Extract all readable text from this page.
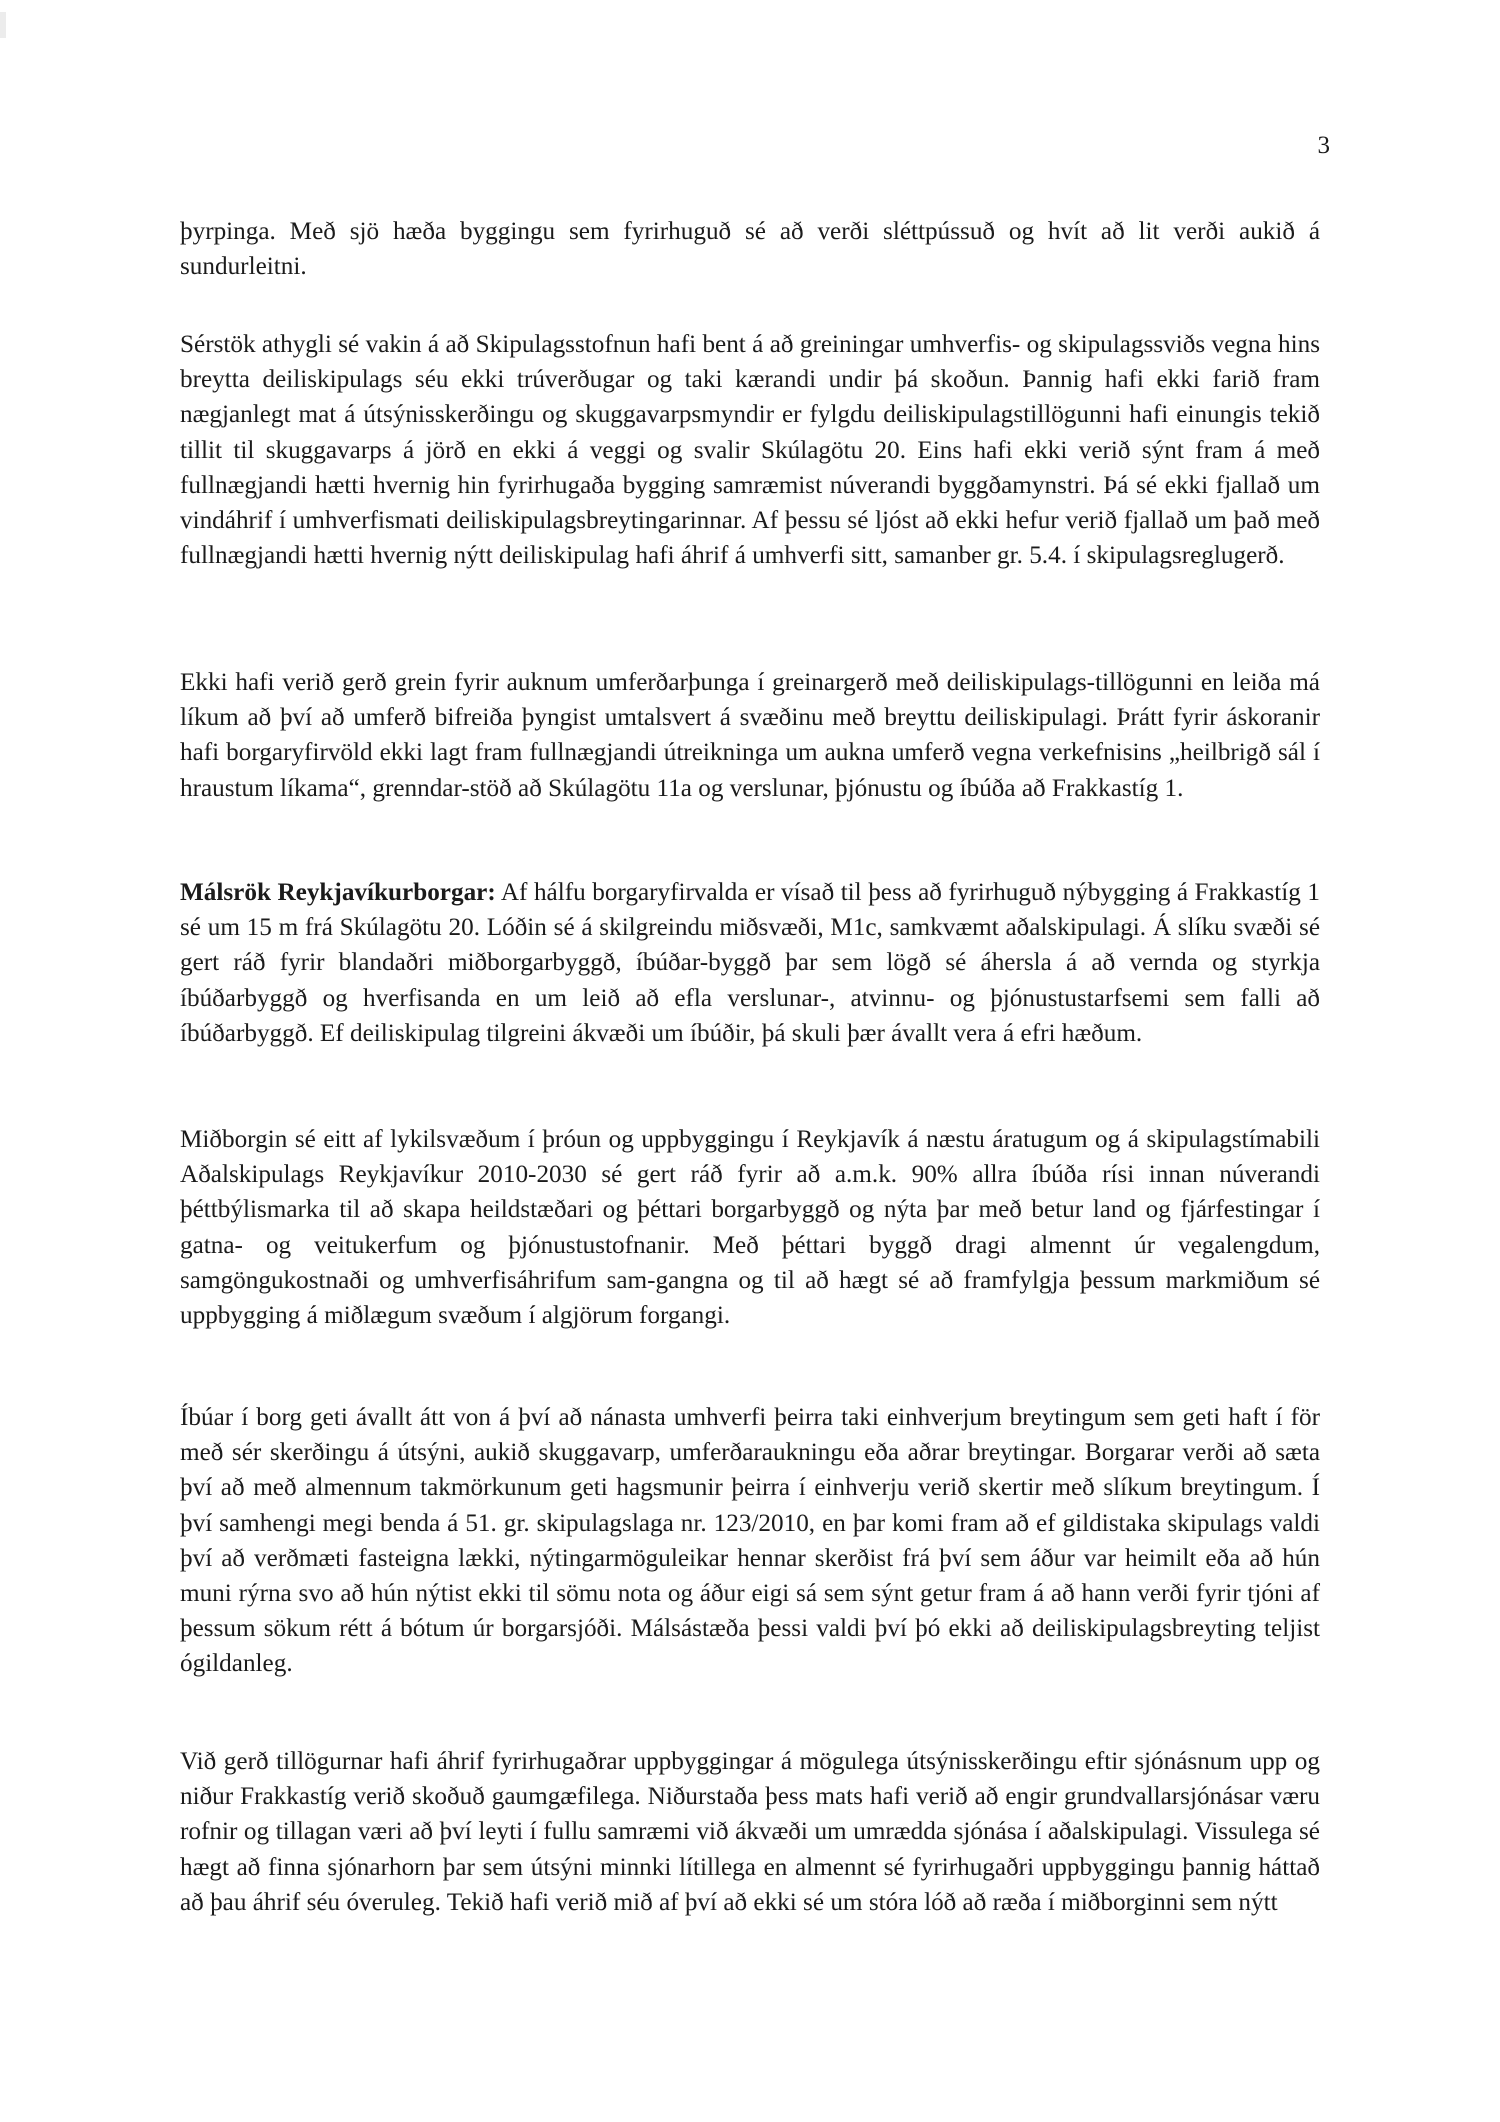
3

þyrpinga. Með sjö hæða byggingu sem fyrirhuguð sé að verði sléttpússuð og hvít að lit verði aukið á sundurleitni.

Sérstök athygli sé vakin á að Skipulagsstofnun hafi bent á að greiningar umhverfis- og skipulagssviðs vegna hins breytta deiliskipulags séu ekki trúverðugar og taki kærandi undir þá skoðun. Þannig hafi ekki farið fram nægjanlegt mat á útsýnisskerðingu og skuggavarpsmyndir er fylgdu deiliskipulagstillögunni hafi einungis tekið tillit til skuggavarps á jörð en ekki á veggi og svalir Skúlagötu 20. Eins hafi ekki verið sýnt fram á með fullnægjandi hætti hvernig hin fyrirhugaða bygging samræmist núverandi byggðamynstri. Þá sé ekki fjallað um vindáhrif í umhverfismati deiliskipulagsbreytingarinnar. Af þessu sé ljóst að ekki hefur verið fjallað um það með fullnægjandi hætti hvernig nýtt deiliskipulag hafi áhrif á umhverfi sitt, samanber gr. 5.4. í skipulagsreglugerð.

Ekki hafi verið gerð grein fyrir auknum umferðarþunga í greinargerð með deiliskipulags-tillögunni en leiða má líkum að því að umferð bifreiða þyngist umtalsvert á svæðinu með breyttu deiliskipulagi. Þrátt fyrir áskoranir hafi borgaryfirvöld ekki lagt fram fullnægjandi útreikninga um aukna umferð vegna verkefnisins „heilbrigð sál í hraustum líkama“, grenndar-stöð að Skúlagötu 11a og verslunar, þjónustu og íbúða að Frakkastíg 1.

Málsrök Reykjavíkurborgar: Af hálfu borgaryfirvalda er vísað til þess að fyrirhuguð nýbygging á Frakkastíg 1 sé um 15 m frá Skúlagötu 20. Lóðin sé á skilgreindu miðsvæði, M1c, samkvæmt aðalskipulagi. Á slíku svæði sé gert ráð fyrir blandaðri miðborgarbyggð, íbúðar-byggð þar sem lögð sé áhersla á að vernda og styrkja íbúðarbyggð og hverfisanda en um leið að efla verslunar-, atvinnu- og þjónustustarfsemi sem falli að íbúðarbyggð. Ef deiliskipulag tilgreini ákvæði um íbúðir, þá skuli þær ávallt vera á efri hæðum.

Miðborgin sé eitt af lykilsvæðum í þróun og uppbyggingu í Reykjavík á næstu áratugum og á skipulagstímabili Aðalskipulags Reykjavíkur 2010-2030 sé gert ráð fyrir að a.m.k. 90% allra íbúða rísi innan núverandi þéttbýlismarka til að skapa heildstæðari og þéttari borgarbyggð og nýta þar með betur land og fjárfestingar í gatna- og veitukerfum og þjónustustofnanir. Með þéttari byggð dragi almennt úr vegalengdum, samgöngukostnaði og umhverfisáhrifum sam-gangna og til að hægt sé að framfylgja þessum markmiðum sé uppbygging á miðlægum svæðum í algjörum forgangi.

Íbúar í borg geti ávallt átt von á því að nánasta umhverfi þeirra taki einhverjum breytingum sem geti haft í för með sér skerðingu á útsýni, aukið skuggavarp, umferðaraukningu eða aðrar breytingar. Borgarar verði að sæta því að með almennum takmörkunum geti hagsmunir þeirra í einhverju verið skertir með slíkum breytingum. Í því samhengi megi benda á 51. gr. skipulagslaga nr. 123/2010, en þar komi fram að ef gildistaka skipulags valdi því að verðmæti fasteigna lækki, nýtingarmöguleikar hennar skerðist frá því sem áður var heimilt eða að hún muni rýrna svo að hún nýtist ekki til sömu nota og áður eigi sá sem sýnt getur fram á að hann verði fyrir tjóni af þessum sökum rétt á bótum úr borgarsjóði. Málsástæða þessi valdi því þó ekki að deiliskipulagsbreyting teljist ógildanleg.

Við gerð tillögurnar hafi áhrif fyrirhugaðrar uppbyggingar á mögulega útsýnisskerðingu eftir sjónásnum upp og niður Frakkastíg verið skoðuð gaumgæfilega. Niðurstaða þess mats hafi verið að engir grundvallarsjónásar væru rofnir og tillagan væri að því leyti í fullu samræmi við ákvæði um umrædda sjónása í aðalskipulagi. Vissulega sé hægt að finna sjónarhorn þar sem útsýni minnki lítillega en almennt sé fyrirhugaðri uppbyggingu þannig háttað að þau áhrif séu óveruleg. Tekið hafi verið mið af því að ekki sé um stóra lóð að ræða í miðborginni sem nýtt
